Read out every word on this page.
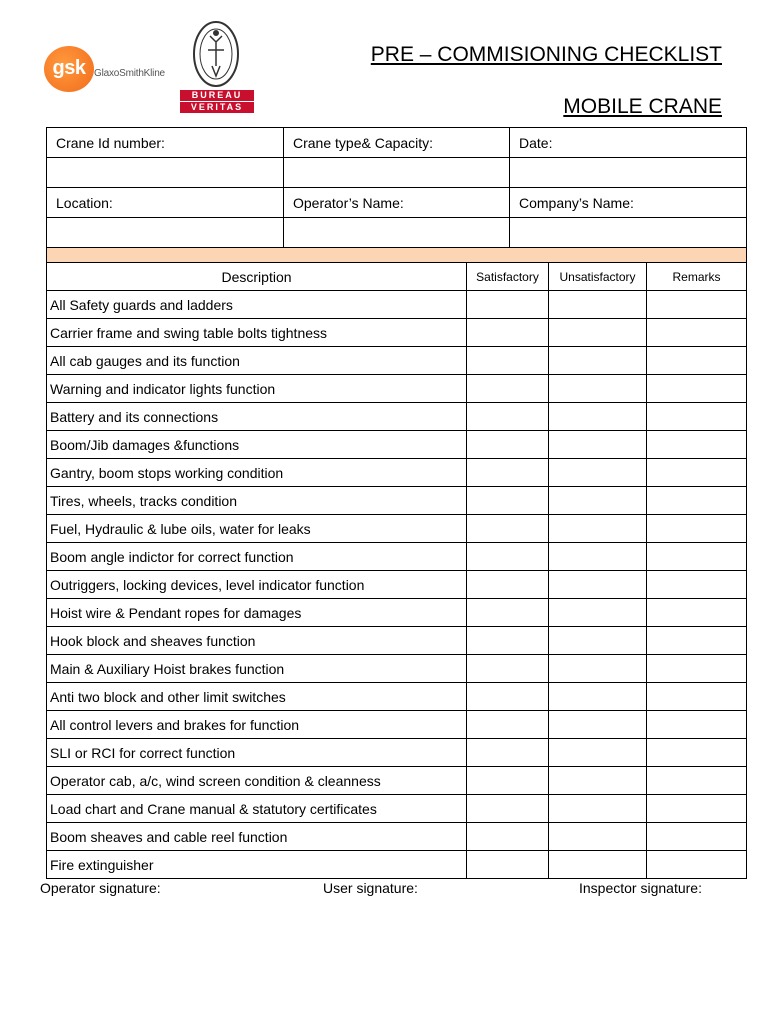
gsk GlaxoSmithKline
BUREAU
VERITAS
PRE – COMMISIONING CHECKLIST
MOBILE CRANE
Crane Id number:	Crane type& Capacity:	Date:

Location:	Operator’s Name:	Company’s Name:

Description	Satisfactory	Unsatisfactory	Remarks
All Safety guards and ladders			
Carrier frame and swing table bolts tightness			
All cab gauges and its function			
Warning and indicator lights function			
Battery and its connections			
Boom/Jib damages &functions			
Gantry, boom stops working condition			
Tires, wheels, tracks condition			
Fuel, Hydraulic & lube oils, water for leaks			
Boom angle indictor for correct function			
Outriggers, locking devices, level indicator function			
Hoist wire & Pendant ropes for damages			
Hook block and sheaves function			
Main & Auxiliary Hoist brakes function			
Anti two block and other limit switches			
All control levers and brakes for function			
SLI or RCI for correct function			
Operator cab, a/c, wind screen condition & cleanness			
Load chart and Crane manual & statutory certificates			
Boom sheaves and cable reel function			
Fire extinguisher			
Operator signature:	User signature:	Inspector signature:
